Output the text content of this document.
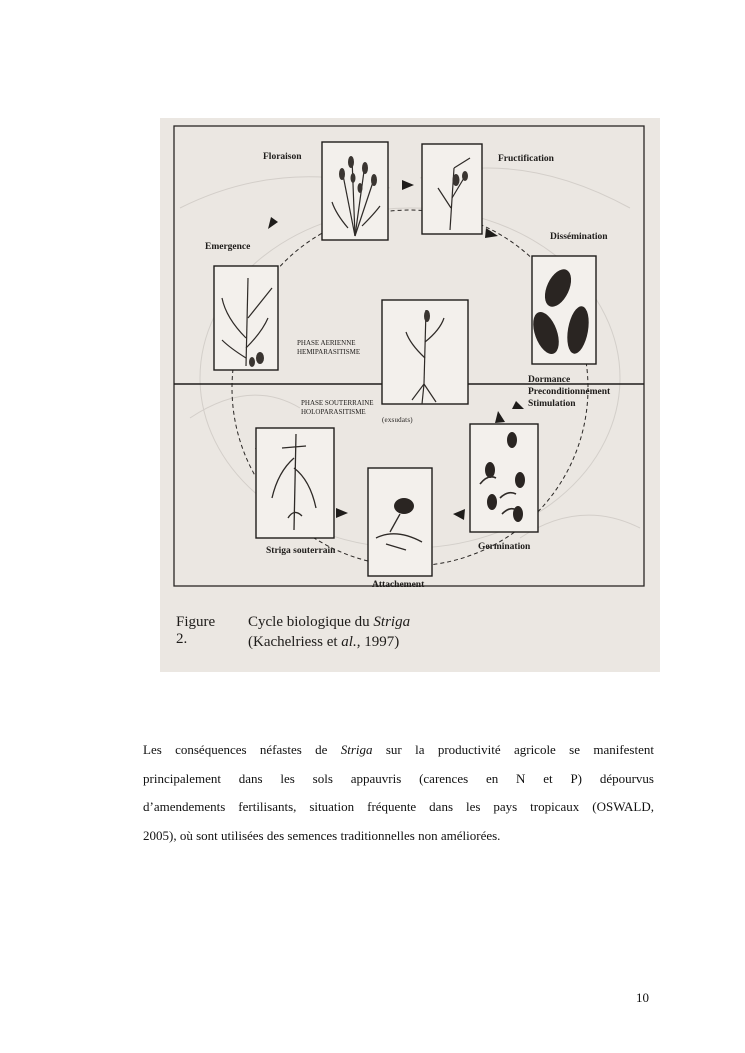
Floraison	Fructification
Dissémination
Emergence
PHASE AERIENNE
HEMIPARASITISME
Dormance
Preconditionnement
Stimulation
PHASE SOUTERRAINE
HOLOPARASITISME
(exsudats)
Germination
Striga souterrain
Attachement
Figure 2.
Cycle biologique du Striga
(Kachelriess et al., 1997)
Les conséquences néfastes de Striga sur la productivité agricole se manifestent
principalement dans les sols appauvris (carences en N et P) dépourvus
d’amendements fertilisants, situation fréquente dans les pays tropicaux (OSWALD,
2005), où sont utilisées des semences traditionnelles non améliorées.
10
